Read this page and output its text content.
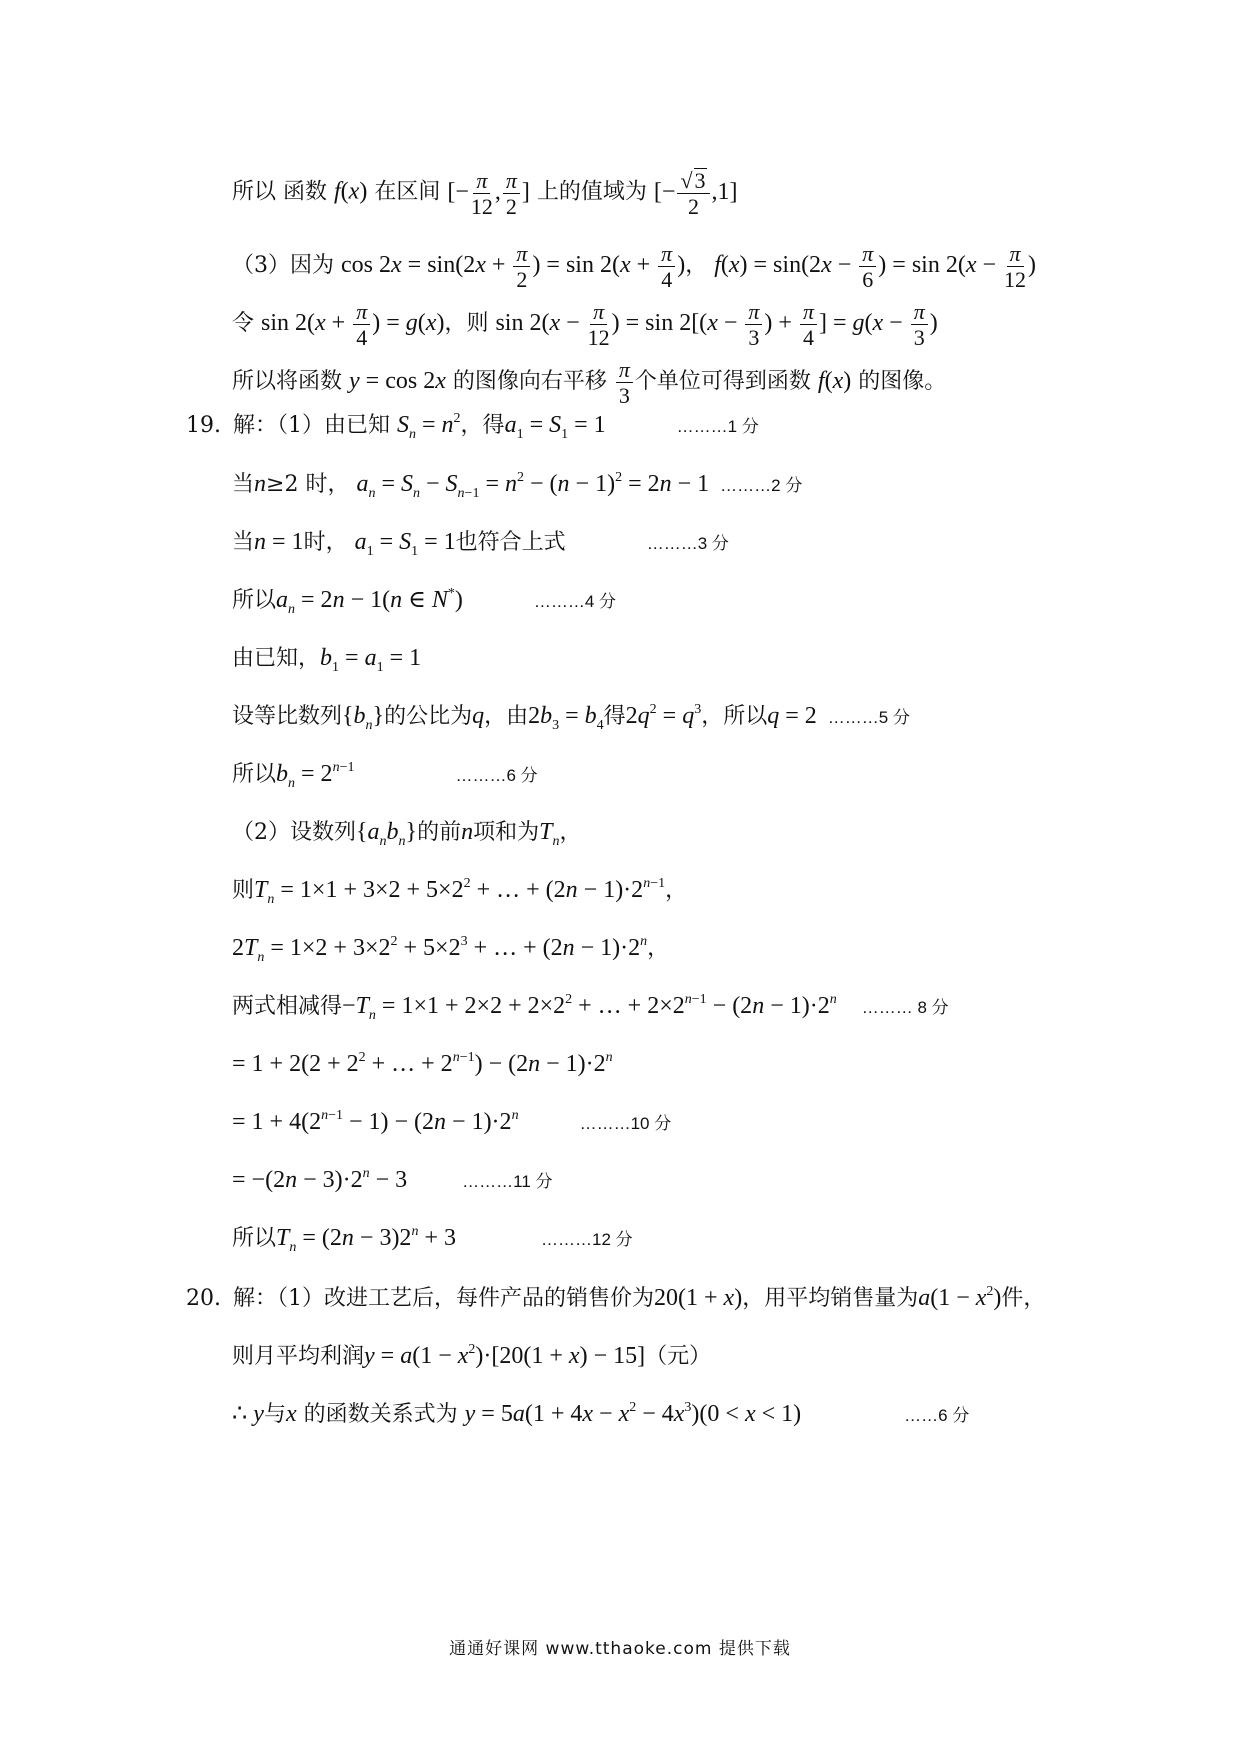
所以 函数 f(x) 在区间 [− $\frac{\pi}{12}$ , $\frac{\pi}{2}$ ] 上的值域为 [− $\frac{√3}{2} ,1$]
（3）因为 $\cos 2x = \sin(2x + \frac{\pi}{2}$ ) = $\sin 2(x + \frac{\pi}{4}$ )， $f(x) = \sin(2x - \frac{\pi}{6}$ ) = $\sin 2(x - \frac{\pi}{12}$ )
令 $\sin 2(x + \frac{\pi}{4}$ ) = g(x)，则 $\sin 2(x - \frac{\pi}{12}$ ) = $\sin 2[(x - \frac{\pi}{3}$ ) + $\frac{\pi}{4}$ ] = $g(x - \frac{\pi}{3}$ )
所以将函数 y = cos 2x 的图像向右平移 $\frac{\pi}{3}$ 个单位可得到函数 f(x) 的图像。
19. 解：（1）由已知 $S_n = n^2$，得$a_1 = S_1 = 1$	………1 分
当n≥2 时， $a_n = S_n - S_{n-1} = n^2 - (n - 1)^2 = 2n - 1$ ………2 分
当n = 1时， $a_1 = S_1 = 1$也符合上式	………3 分
所以$a_n = 2n - 1(n$ ∈ N*)	………4 分
由已知，$b_1 = a_1 = 1$
设等比数列$\{b_n\}$的公比为q，由$2b_3 = b_4$得$2q^2 = q^3$，所以q = 2 ………5 分
所以$b_n = 2^{n-1}$	………6 分
（2）设数列$\{a_nb_n\}$的前n项和为$T_n$，
则$T_n = 1\times 1 + 3\times 2 + 5\times 2^2$ + … + $(2n - 1)\cdot 2^{n-1}$，
$2T_n = 1\times 2 + 3\times 2^2 + 5\times 2^3$ + … + $(2n - 1)\cdot 2^n$，
两式相减得$-T_n = 1\times 1 + 2\times 2 + 2\times 2^2$ + … + $2\times 2^{n-1} - (2n - 1)\cdot 2^n$ ……… 8 分
= $1 + 2(2 + 2^2$ + … + $2^{n-1}) - (2n - 1)\cdot 2^n$
= $1 + 4(2^{n-1} - 1) - (2n - 1)\cdot 2^n$	………10 分
= $-(2n - 3)\cdot 2^n - 3$	………11 分
所以$T_n = (2n - 3)2^n + 3$	………12 分
20. 解：（1）改进工艺后，每件产品的销售价为20(1 + x)，用平均销售量为$a(1 - x^2)$件，
则月平均利润$y = a(1 - x^2)\cdot[20(1 + x) - 15]$（元）
∴ y与x 的函数关系式为 $y = 5a(1 + 4x - x^2 - 4x^3)(0 < x < 1)$	……6 分
通通好课网 www.tthaoke.com 提供下载
